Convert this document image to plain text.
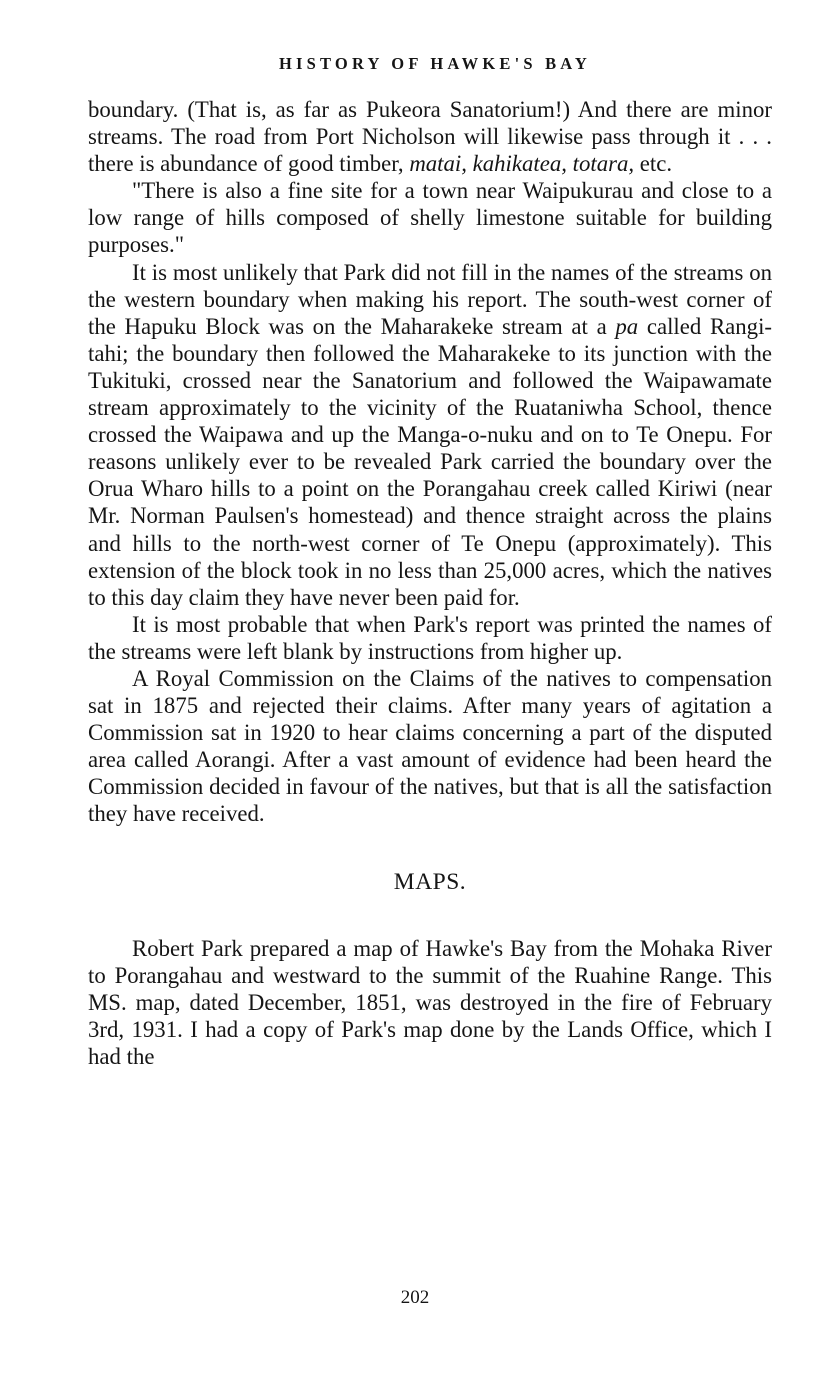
HISTORY OF HAWKE'S BAY

boundary. (That is, as far as Pukeora Sanatorium!) And there are minor streams. The road from Port Nicholson will likewise pass through it . . . there is abundance of good timber, matai, kahikatea, totara, etc.

"There is also a fine site for a town near Waipukurau and close to a low range of hills composed of shelly limestone suitable for building purposes."

It is most unlikely that Park did not fill in the names of the streams on the western boundary when making his report. The south-west corner of the Hapuku Block was on the Maharakeke stream at a pa called Rangi-tahi; the boundary then followed the Maharakeke to its junction with the Tukituki, crossed near the Sanatorium and followed the Waipawamate stream approximately to the vicinity of the Ruataniwha School, thence crossed the Waipawa and up the Manga-o-nuku and on to Te Onepu. For reasons unlikely ever to be revealed Park carried the boundary over the Orua Wharo hills to a point on the Porangahau creek called Kiriwi (near Mr. Norman Paulsen's homestead) and thence straight across the plains and hills to the north-west corner of Te Onepu (approximately). This extension of the block took in no less than 25,000 acres, which the natives to this day claim they have never been paid for.

It is most probable that when Park's report was printed the names of the streams were left blank by instructions from higher up.

A Royal Commission on the Claims of the natives to compensation sat in 1875 and rejected their claims. After many years of agitation a Commission sat in 1920 to hear claims concerning a part of the disputed area called Aorangi. After a vast amount of evidence had been heard the Commission decided in favour of the natives, but that is all the satisfaction they have received.

MAPS.

Robert Park prepared a map of Hawke's Bay from the Mohaka River to Porangahau and westward to the summit of the Ruahine Range. This MS. map, dated December, 1851, was destroyed in the fire of February 3rd, 1931. I had a copy of Park's map done by the Lands Office, which I had the

202
